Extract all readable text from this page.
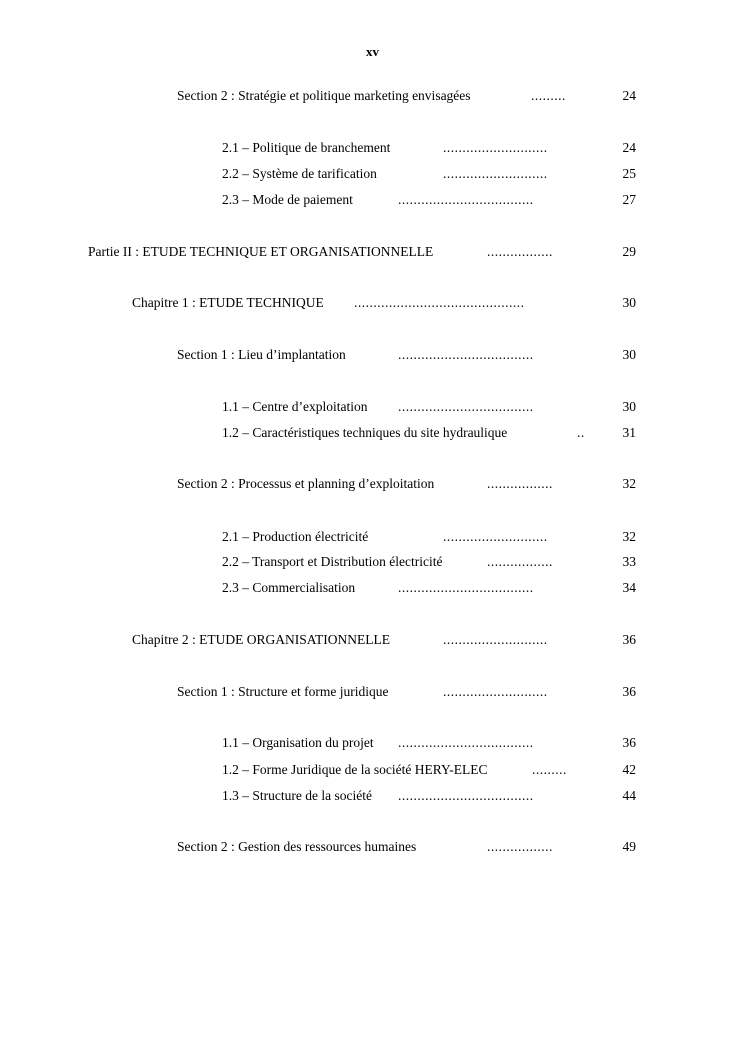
xv
Section 2 : Stratégie et politique marketing envisagées	.........	24
2.1 – Politique de branchement	...........................	24
2.2 – Système de tarification	...........................	25
2.3 – Mode de paiement	...................................	27
Partie II : ETUDE TECHNIQUE ET ORGANISATIONNELLE	.................	29
Chapitre 1 : ETUDE TECHNIQUE ............................................	30
Section 1 : Lieu d’implantation	...................................	30
1.1 – Centre d’exploitation ...................................	30
1.2 – Caractéristiques techniques du site hydraulique	..	31
Section 2 : Processus et planning d’exploitation	.................	32
2.1 – Production électricité	...........................	32
2.2 – Transport et Distribution électricité	.................	33
2.3 – Commercialisation	...................................	34
Chapitre 2 : ETUDE ORGANISATIONNELLE	...........................	36
Section 1 : Structure et forme juridique	...........................	36
1.1 – Organisation du projet ...................................	36
1.2 – Forme Juridique de la société HERY-ELEC	.........	42
1.3 – Structure de la société ...................................	44
Section 2 : Gestion des ressources humaines	.................	49
